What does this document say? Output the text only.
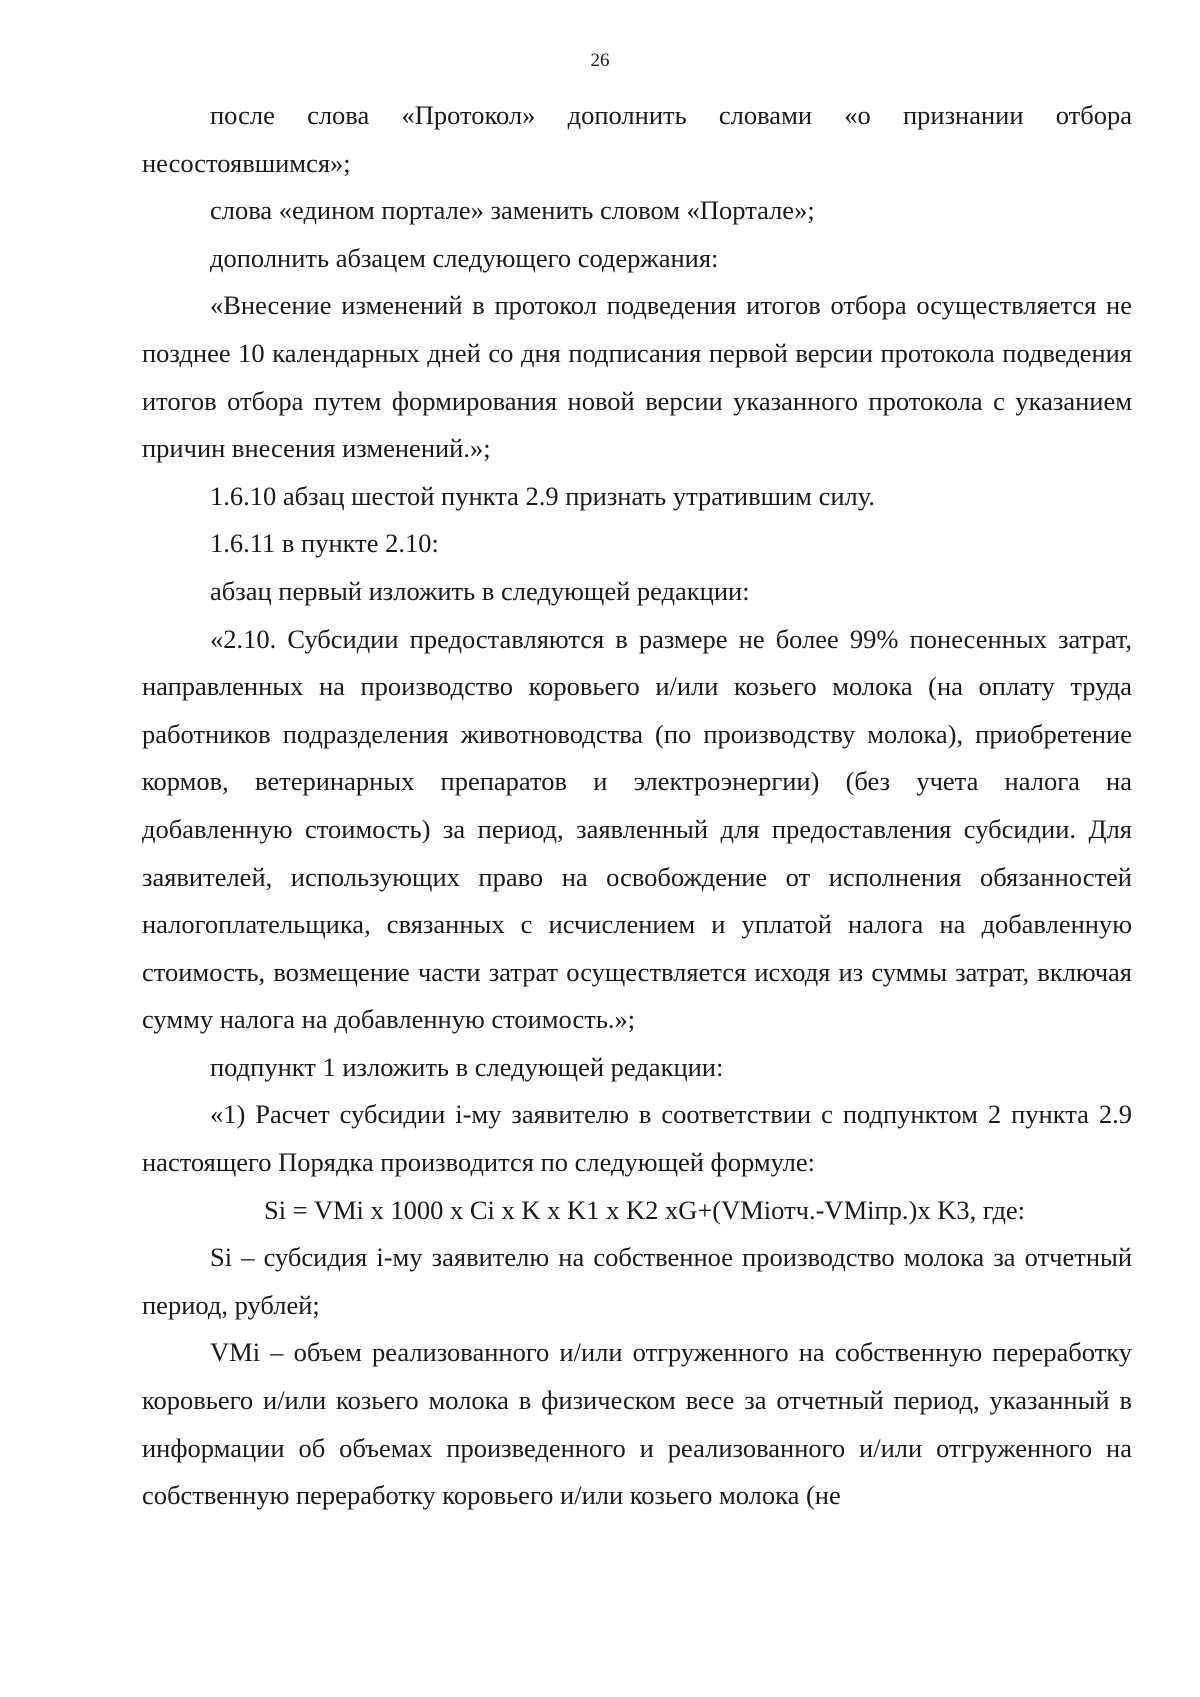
26

после слова «Протокол» дополнить словами «о признании отбора несостоявшимся»;

слова «едином портале» заменить словом «Портале»;

дополнить абзацем следующего содержания:

«Внесение изменений в протокол подведения итогов отбора осуществляется не позднее 10 календарных дней со дня подписания первой версии протокола подведения итогов отбора путем формирования новой версии указанного протокола с указанием причин внесения изменений.»;

1.6.10 абзац шестой пункта 2.9 признать утратившим силу.

1.6.11 в пункте 2.10:

абзац первый изложить в следующей редакции:

«2.10. Субсидии предоставляются в размере не более 99% понесенных затрат, направленных на производство коровьего и/или козьего молока (на оплату труда работников подразделения животноводства (по производству молока), приобретение кормов, ветеринарных препаратов и электроэнергии) (без учета налога на добавленную стоимость) за период, заявленный для предоставления субсидии. Для заявителей, использующих право на освобождение от исполнения обязанностей налогоплательщика, связанных с исчислением и уплатой налога на добавленную стоимость, возмещение части затрат осуществляется исходя из суммы затрат, включая сумму налога на добавленную стоимость.»;

подпункт 1 изложить в следующей редакции:

«1) Расчет субсидии i-му заявителю в соответствии с подпунктом 2 пункта 2.9 настоящего Порядка производится по следующей формуле:

Si = VMi x 1000 x Ci x K x K1 x K2 xG+(VMiотч.-VMiпр.)x K3, где:

Si – субсидия i-му заявителю на собственное производство молока за отчетный период, рублей;

VMi – объем реализованного и/или отгруженного на собственную переработку коровьего и/или козьего молока в физическом весе за отчетный период, указанный в информации об объемах произведенного и реализованного и/или отгруженного на собственную переработку коровьего и/или козьего молока (не
